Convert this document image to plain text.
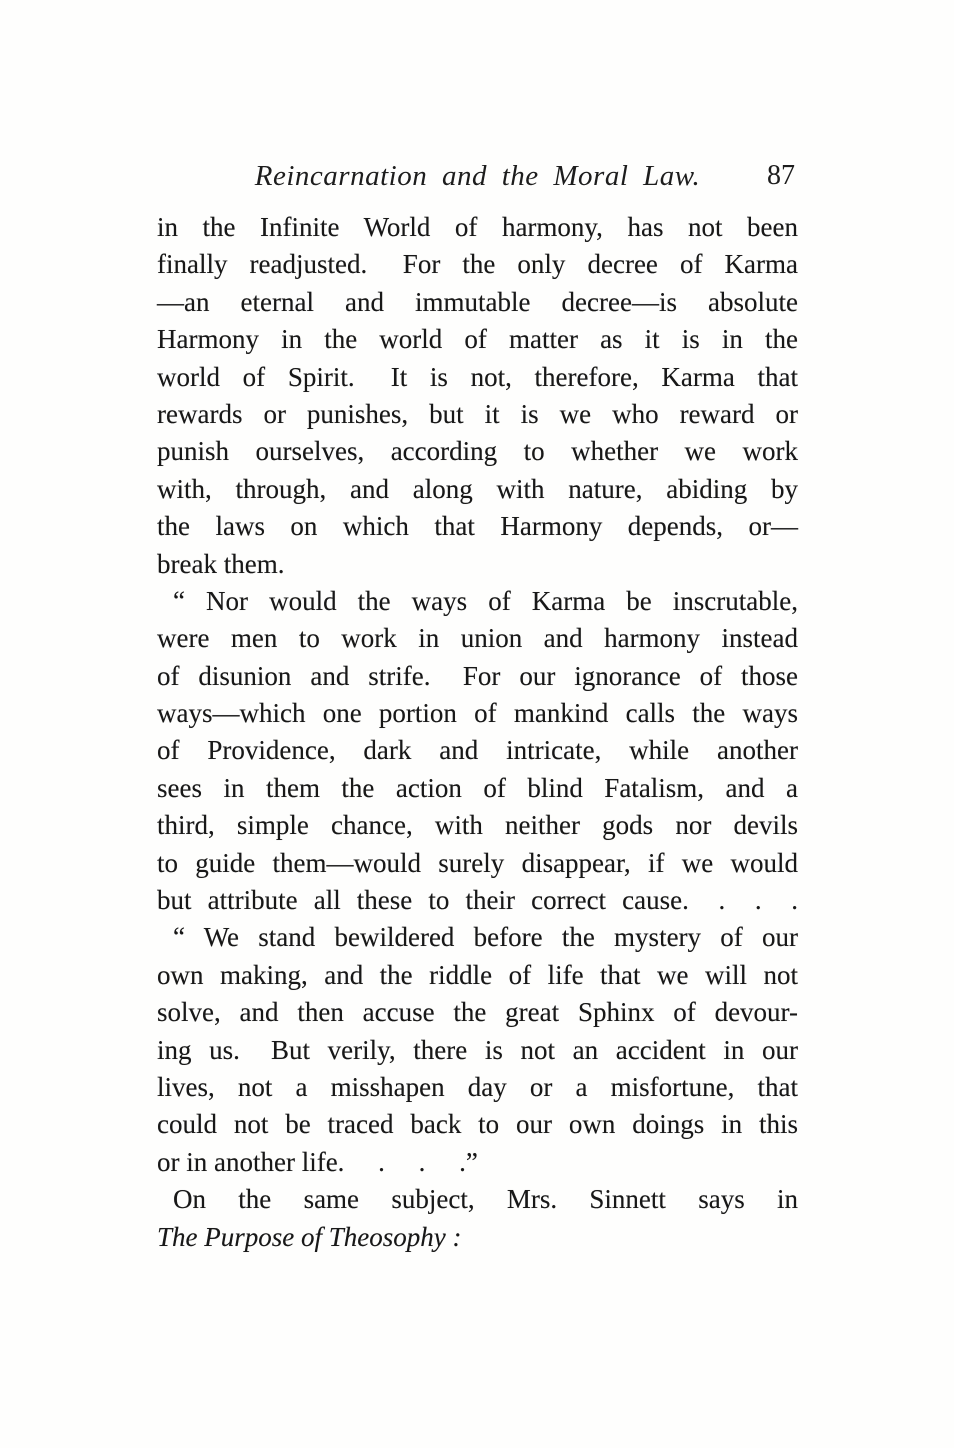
Reincarnation and the Moral Law.	87
in the Infinite World of harmony, has not been
finally readjusted.  For the only decree of Karma
—an eternal and immutable decree—is absolute
Harmony in the world of matter as it is in the
world of Spirit.  It is not, therefore, Karma that
rewards or punishes, but it is we who reward or
punish ourselves, according to whether we work
with, through, and along with nature, abiding by
the laws on which that Harmony depends, or—
break them.
“ Nor would the ways of Karma be inscrutable,
were men to work in union and harmony instead
of disunion and strife.  For our ignorance of those
ways—which one portion of mankind calls the ways
of Providence, dark and intricate, while another
sees in them the action of blind Fatalism, and a
third, simple chance, with neither gods nor devils
to guide them—would surely disappear, if we would
but attribute all these to their correct cause.  .  .  .
“ We stand bewildered before the mystery of our
own making, and the riddle of life that we will not
solve, and then accuse the great Sphinx of devour-
ing us.  But verily, there is not an accident in our
lives, not a misshapen day or a misfortune, that
could not be traced back to our own doings in this
or in another life.  .  .  .”
On the same subject, Mrs. Sinnett says in
The Purpose of Theosophy :
